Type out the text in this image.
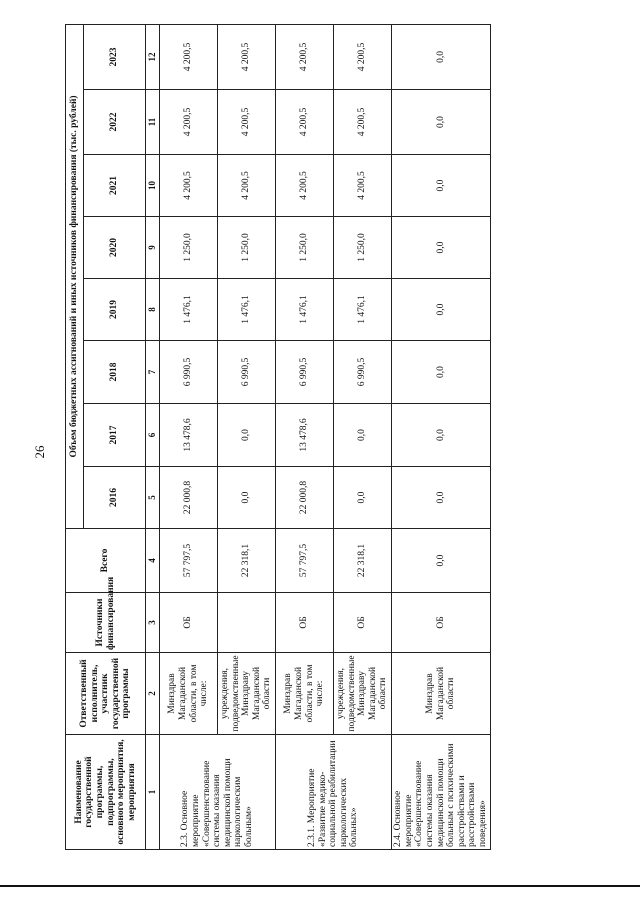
26
Наименование государственной программы, подпрограммы, основного мероприятия, мероприятия	Ответственный исполнитель, участник государственной программы	Источники финансирования	Всего	Объем бюджетных ассигнований и иных источников финансирования (тыс. рублей)							
				2016	2017	2018	2019	2020	2021	2022	2023
1	2	3	4	5	6	7	8	9	10	11	12
2.3. Основное мероприятие «Совершенствование системы оказания медицинской помощи наркологическим больным»	Минздрав Магаданской области, в том числе:	ОБ	57 797,5	22 000,8	13 478,6	6 990,5	1 476,1	1 250,0	4 200,5	4 200,5	4 200,5
	учреждения, подведомственные Минздраву Магаданской области		22 318,1	0,0	0,0	6 990,5	1 476,1	1 250,0	4 200,5	4 200,5	4 200,5
2.3.1. Мероприятие «Развитие медико-социальной реабилитации наркологических больных»	Минздрав Магаданской области, в том числе:	ОБ	57 797,5	22 000,8	13 478,6	6 990,5	1 476,1	1 250,0	4 200,5	4 200,5	4 200,5
	учреждения, подведомственные Минздраву Магаданской области	ОБ	22 318,1	0,0	0,0	6 990,5	1 476,1	1 250,0	4 200,5	4 200,5	4 200,5
2.4. Основное мероприятие «Совершенствование системы оказания медицинской помощи больным с психическими расстройствами и расстройствами поведения»	Минздрав Магаданской области	ОБ	0,0	0,0	0,0	0,0	0,0	0,0	0,0	0,0	0,0
